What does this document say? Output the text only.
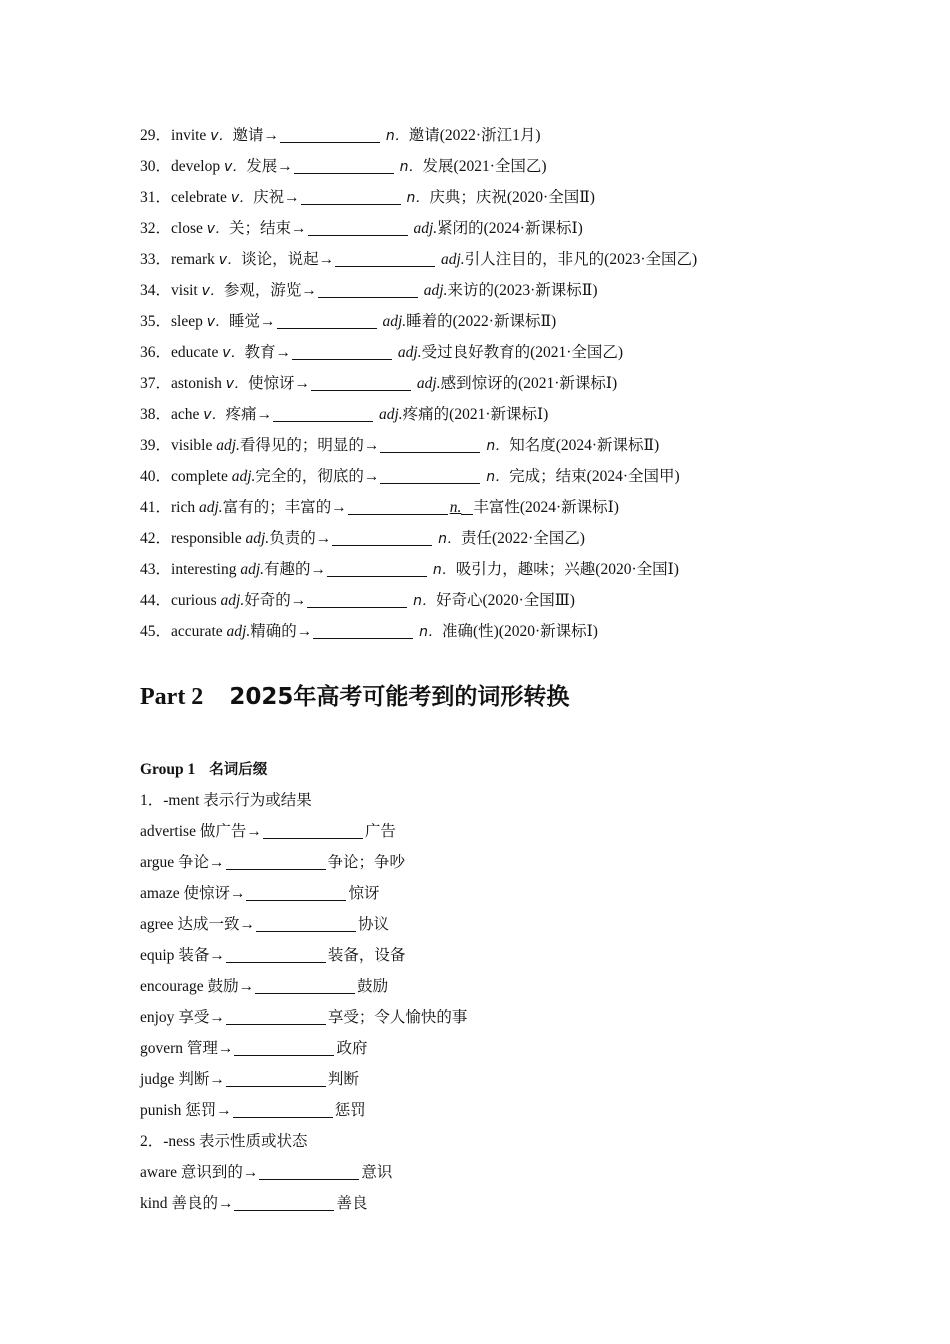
29．invite v．邀请→	n．邀请(2022·浙江1月)
30．develop v．发展→	n．发展(2021·全国乙)
31．celebrate v．庆祝→	n．庆典；庆祝(2020·全国Ⅱ)
32．close v．关；结束→	adj.紧闭的(2024·新课标Ⅰ)
33．remark v．谈论，说起→	adj.引人注目的，非凡的(2023·全国乙)
34．visit v．参观，游览→	adj.来访的(2023·新课标Ⅱ)
35．sleep v．睡觉→	adj.睡着的(2022·新课标Ⅱ)
36．educate v．教育→	adj.受过良好教育的(2021·全国乙)
37．astonish v．使惊讶→	adj.感到惊讶的(2021·新课标Ⅰ)
38．ache v．疼痛→	adj.疼痛的(2021·新课标Ⅰ)
39．visible adj.看得见的；明显的→	n．知名度(2024·新课标Ⅱ)
40．complete adj.完全的，彻底的→	n．完成；结束(2024·全国甲)
41．rich adj.富有的；丰富的→	n. 丰富性(2024·新课标Ⅰ)
42．responsible adj.负责的→	n．责任(2022·全国乙)
43．interesting adj.有趣的→	n．吸引力，趣味；兴趣(2020·全国Ⅰ)
44．curious adj.好奇的→	n．好奇心(2020·全国Ⅲ)
45．accurate adj.精确的→	n．准确(性)(2020·新课标Ⅰ)
Part 2 2025年高考可能考到的词形转换
Group 1 名词后缀
1．-ment 表示行为或结果
advertise 做广告→	广告
argue 争论→	争论；争吵
amaze 使惊讶→	惊讶
agree 达成一致→	协议
equip 装备→	装备，设备
encourage 鼓励→	鼓励
enjoy 享受→	享受；令人愉快的事
govern 管理→	政府
judge 判断→	判断
punish 惩罚→	惩罚
2．-ness 表示性质或状态
aware 意识到的→	意识
kind 善良的→	善良
